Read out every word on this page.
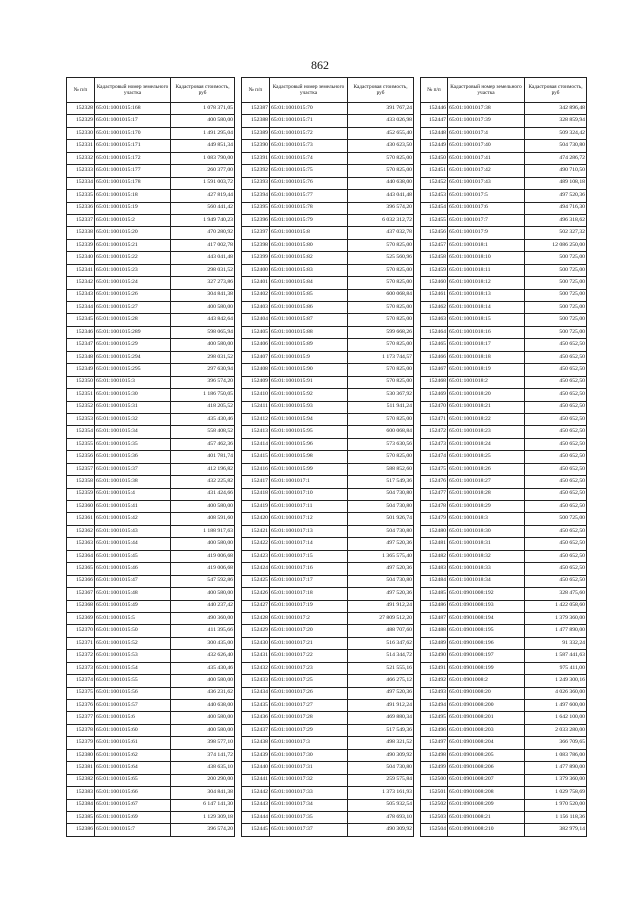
862
№ п/п	Кадастровый номер земельного участка	Кадастровая стоимость, руб
152328	65:01:1001015:168	1 078 371,05
152329	65:01:1001015:17	400 580,00
152330	65:01:1001015:170	1 491 295,04
152331	65:01:1001015:171	449 851,34
152332	65:01:1001015:172	1 083 790,00
152333	65:01:1001015:177	260 377,00
152334	65:01:1001015:178	1 591 003,72
152335	65:01:1001015:18	427 819,44
152336	65:01:1001015:19	560 441,42
152337	65:01:1001015:2	1 949 740,23
152338	65:01:1001015:20	470 280,92
152339	65:01:1001015:21	417 002,78
152340	65:01:1001015:22	443 041,48
152341	65:01:1001015:23	298 031,52
152342	65:01:1001015:24	327 273,86
152343	65:01:1001015:26	304 841,38
152344	65:01:1001015:27	400 580,00
152345	65:01:1001015:28	443 842,64
152346	65:01:1001015:289	598 065,94
152347	65:01:1001015:29	400 580,00
152348	65:01:1001015:294	298 031,52
152349	65:01:1001015:295	297 630,94
152350	65:01:1001015:3	396 574,20
152351	65:01:1001015:30	1 186 750,05
152352	65:01:1001015:31	418 205,52
152353	65:01:1001015:32	435 430,46
152354	65:01:1001015:34	558 408,52
152355	65:01:1001015:35	457 462,36
152356	65:01:1001015:36	401 781,74
152357	65:01:1001015:37	412 196,82
152358	65:01:1001015:38	432 225,82
152359	65:01:1001015:4	431 424,66
152360	65:01:1001015:41	400 580,00
152361	65:01:1001015:42	408 591,60
152362	65:01:1001015:43	1 188 917,63
152363	65:01:1001015:44	400 580,00
152364	65:01:1001015:45	419 006,68
152365	65:01:1001015:46	419 006,68
152366	65:01:1001015:47	547 592,86
152367	65:01:1001015:48	400 580,00
152368	65:01:1001015:49	440 237,42
152369	65:01:1001015:5	490 360,00
152370	65:01:1001015:50	411 395,66
152371	65:01:1001015:52	300 435,00
152372	65:01:1001015:53	432 626,40
152373	65:01:1001015:54	435 430,46
152374	65:01:1001015:55	400 580,00
152375	65:01:1001015:56	436 231,62
152376	65:01:1001015:57	440 638,00
152377	65:01:1001015:6	400 580,00
152378	65:01:1001015:60	400 580,00
152379	65:01:1001015:61	398 577,10
152380	65:01:1001015:62	374 141,72
152381	65:01:1001015:64	438 635,10
152382	65:01:1001015:65	200 290,00
152383	65:01:1001015:66	304 841,38
152384	65:01:1001015:67	6 147 141,30
152385	65:01:1001015:69	1 129 309,18
152386	65:01:1001015:7	396 574,20
№ п/п	Кадастровый номер земельного участка	Кадастровая стоимость, руб
152387	65:01:1001015:70	391 767,24
152388	65:01:1001015:71	433 026,98
152389	65:01:1001015:72	452 655,40
152390	65:01:1001015:73	430 623,50
152391	65:01:1001015:74	570 825,00
152392	65:01:1001015:75	570 825,00
152393	65:01:1001015:76	440 638,00
152394	65:01:1001015:77	443 041,48
152395	65:01:1001015:78	396 574,20
152396	65:01:1001015:79	6 032 312,72
152397	65:01:1001015:8	437 032,78
152398	65:01:1001015:80	570 825,00
152399	65:01:1001015:82	525 560,96
152400	65:01:1001015:83	570 825,00
152401	65:01:1001015:84	570 825,00
152402	65:01:1001015:85	600 068,84
152403	65:01:1001015:86	570 825,00
152404	65:01:1001015:87	570 825,00
152405	65:01:1001015:88	599 668,26
152406	65:01:1001015:89	570 825,00
152407	65:01:1001015:9	1 173 744,57
152408	65:01:1001015:90	570 825,00
152409	65:01:1001015:91	570 825,00
152410	65:01:1001015:92	530 367,92
152411	65:01:1001015:93	511 941,24
152412	65:01:1001015:94	570 825,00
152413	65:01:1001015:95	600 068,84
152414	65:01:1001015:96	573 630,56
152415	65:01:1001015:98	570 825,00
152416	65:01:1001015:99	588 852,60
152417	65:01:1001017:1	517 549,36
152418	65:01:1001017:10	504 730,80
152419	65:01:1001017:11	504 730,80
152420	65:01:1001017:12	501 926,74
152421	65:01:1001017:13	504 730,80
152422	65:01:1001017:14	497 520,36
152423	65:01:1001017:15	1 365 575,40
152424	65:01:1001017:16	497 520,36
152425	65:01:1001017:17	504 730,80
152426	65:01:1001017:18	497 520,36
152427	65:01:1001017:19	491 912,24
152428	65:01:1001017:2	27 809 512,20
152429	65:01:1001017:20	488 707,60
152430	65:01:1001017:21	516 347,62
152431	65:01:1001017:22	514 344,72
152432	65:01:1001017:23	521 555,16
152433	65:01:1001017:25	466 275,12
152434	65:01:1001017:26	497 520,36
152435	65:01:1001017:27	491 912,24
152436	65:01:1001017:28	469 880,34
152437	65:01:1001017:29	517 549,36
152438	65:01:1001017:3	498 321,52
152439	65:01:1001017:30	490 309,92
152440	65:01:1001017:31	504 730,80
152441	65:01:1001017:32	259 575,84
152442	65:01:1001017:33	1 373 161,93
152443	65:01:1001017:34	505 932,54
152444	65:01:1001017:35	478 693,10
152445	65:01:1001017:37	490 309,92
№ п/п	Кадастровый номер земельного участка	Кадастровая стоимость, руб
152446	65:01:1001017:38	342 896,48
152447	65:01:1001017:39	328 859,94
152448	65:01:1001017:4	509 324,42
152449	65:01:1001017:40	504 730,80
152450	65:01:1001017:41	474 286,72
152451	65:01:1001017:42	490 710,50
152452	65:01:1001017:43	489 108,18
152453	65:01:1001017:5	497 520,36
152454	65:01:1001017:6	494 716,30
152455	65:01:1001017:7	496 318,62
152456	65:01:1001017:9	502 327,32
152457	65:01:1001018:1	12 086 250,00
152458	65:01:1001018:10	500 725,00
152459	65:01:1001018:11	500 725,00
152460	65:01:1001018:12	500 725,00
152461	65:01:1001018:13	500 725,00
152462	65:01:1001018:14	500 725,00
152463	65:01:1001018:15	500 725,00
152464	65:01:1001018:16	500 725,00
152465	65:01:1001018:17	450 652,50
152466	65:01:1001018:18	450 652,50
152467	65:01:1001018:19	450 652,50
152468	65:01:1001018:2	450 652,50
152469	65:01:1001018:20	450 652,50
152470	65:01:1001018:21	450 652,50
152471	65:01:1001018:22	450 652,50
152472	65:01:1001018:23	450 652,50
152473	65:01:1001018:24	450 652,50
152474	65:01:1001018:25	450 652,50
152475	65:01:1001018:26	450 652,50
152476	65:01:1001018:27	450 652,50
152477	65:01:1001018:28	450 652,50
152478	65:01:1001018:29	450 652,50
152479	65:01:1001018:3	500 725,00
152480	65:01:1001018:30	450 652,50
152481	65:01:1001018:31	450 652,50
152482	65:01:1001018:32	450 652,50
152483	65:01:1001018:33	450 652,50
152484	65:01:1001018:34	450 652,50
152485	65:01:0901008:192	328 475,60
152486	65:01:0901008:193	1 422 058,60
152487	65:01:0901008:194	1 379 360,00
152488	65:01:0901008:195	1 477 890,00
152489	65:01:0901008:196	91 332,24
152490	65:01:0901008:197	1 587 441,63
152491	65:01:0901008:199	975 411,00
152492	65:01:0901008:2	1 249 300,16
152493	65:01:0901008:20	4 026 360,00
152494	65:01:0901008:200	1 497 600,00
152495	65:01:0901008:201	1 642 100,00
152496	65:01:0901008:203	2 033 280,00
152497	65:01:0901008:204	366 709,65
152498	65:01:0901008:205	1 083 786,00
152499	65:01:0901008:206	1 477 890,00
152500	65:01:0901008:207	1 379 360,00
152501	65:01:0901008:208	1 029 758,69
152502	65:01:0901008:209	1 970 520,00
152503	65:01:0901008:21	1 156 118,36
152504	65:01:0901008:210	382 979,14
